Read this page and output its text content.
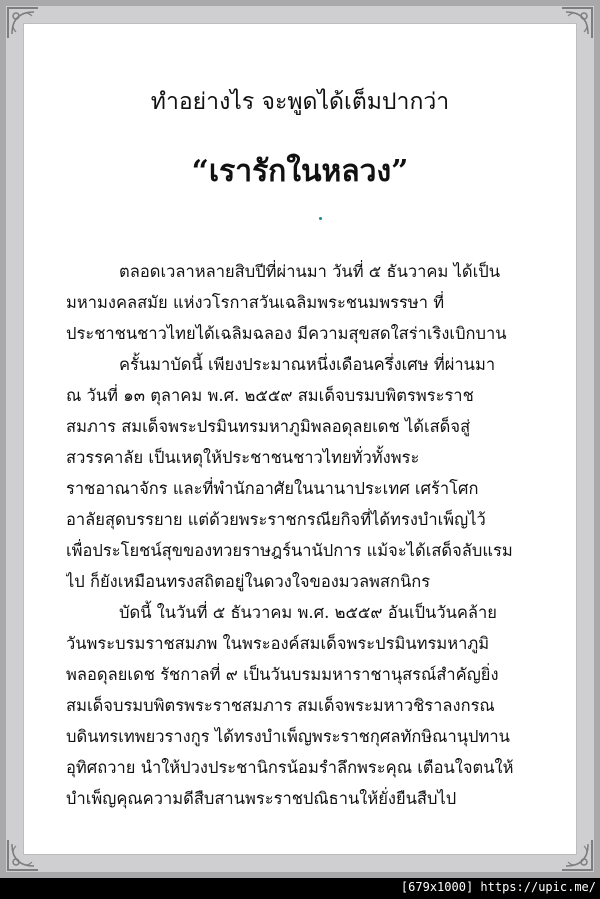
ทำอย่างไร จะพูดได้เต็มปากว่า
“เรารักในหลวง”
ตลอดเวลาหลายสิบปีที่ผ่านมา วันที่ ๕ ธันวาคม ได้เป็น
มหามงคลสมัย แห่งวโรกาสวันเฉลิมพระชนมพรรษา ที่
ประชาชนชาวไทยได้เฉลิมฉลอง มีความสุขสดใสร่าเริงเบิกบาน
ครั้นมาบัดนี้ เพียงประมาณหนึ่งเดือนครึ่งเศษ ที่ผ่านมา
ณ วันที่ ๑๓ ตุลาคม พ.ศ. ๒๕๕๙ สมเด็จบรมบพิตรพระราช
สมภาร สมเด็จพระปรมินทรมหาภูมิพลอดุลยเดช ได้เสด็จสู่
สวรรคาลัย เป็นเหตุให้ประชาชนชาวไทยทั่วทั้งพระ
ราชอาณาจักร และที่พำนักอาศัยในนานาประเทศ เศร้าโศก
อาลัยสุดบรรยาย แต่ด้วยพระราชกรณียกิจที่ได้ทรงบำเพ็ญไว้
เพื่อประโยชน์สุขของทวยราษฎร์นานัปการ แม้จะได้เสด็จลับแรม
ไป ก็ยังเหมือนทรงสถิตอยู่ในดวงใจของมวลพสกนิกร
บัดนี้ ในวันที่ ๕ ธันวาคม พ.ศ. ๒๕๕๙ อันเป็นวันคล้าย
วันพระบรมราชสมภพ ในพระองค์สมเด็จพระปรมินทรมหาภูมิ
พลอดุลยเดช รัชกาลที่ ๙ เป็นวันบรมมหาราชานุสรณ์สำคัญยิ่ง
สมเด็จบรมบพิตรพระราชสมภาร สมเด็จพระมหาวชิราลงกรณ
บดินทรเทพยวรางกูร ได้ทรงบำเพ็ญพระราชกุศลทักษิณานุปทาน
อุทิศถวาย นำให้ปวงประชานิกรน้อมรำลึกพระคุณ เตือนใจตนให้
บำเพ็ญคุณความดีสืบสานพระราชปณิธานให้ยั่งยืนสืบไป
[679x1000] https://upic.me/
